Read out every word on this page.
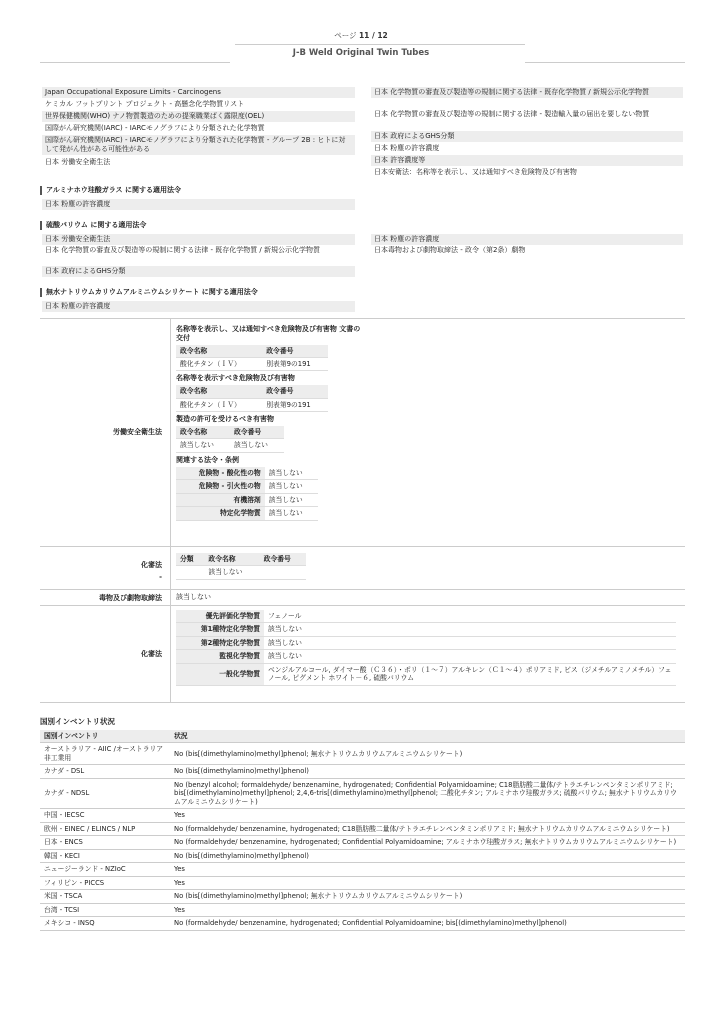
ページ 11 / 12
J-B Weld Original Twin Tubes
Japan Occupational Exposure Limits - Carcinogens
ケミカル フットプリント プロジェクト - 高懸念化学物質リスト
世界保健機関(WHO) ナノ物質製造のための提案職業ばく露限度(OEL)
国際がん研究機関(IARC) - IARCモノグラフにより分類された化学物質
国際がん研究機関(IARC) - IARCモノグラフにより分類された化学物質 - グループ 2B : ヒトに対して発がん性がある可能性がある
日本 労働安全衛生法
日本 化学物質の審査及び製造等の規制に関する法律 - 既存化学物質 / 新規公示化学物質
日本 化学物質の審査及び製造等の規制に関する法律 - 製造輸入量の届出を要しない物質
日本 政府によるGHS分類
日本 粉塵の許容濃度
日本 許容濃度等
日本安衛法：名称等を表示し、又は通知すべき危険物及び有害物
アルミナホウ珪酸ガラス に関する適用法令
日本 粉塵の許容濃度
硫酸バリウム に関する適用法令
日本 労働安全衛生法
日本 化学物質の審査及び製造等の規制に関する法律 - 既存化学物質 / 新規公示化学物質
日本 政府によるGHS分類
日本 粉塵の許容濃度
日本毒物および劇物取締法 - 政令（第2条）劇物
無水ナトリウムカリウムアルミニウムシリケート に関する適用法令
日本 粉塵の許容濃度
労働安全衛生法
名称等を表示し、又は通知すべき危険物及び有害物 文書の交付
政令名称	政令番号
酸化チタン（ＩＶ）	別表第9の191
名称等を表示すべき危険物及び有害物
政令名称	政令番号
酸化チタン（ＩＶ）	別表第9の191
製造の許可を受けるべき有害物
政令名称	政令番号
該当しない	該当しない
関連する法令・条例
危険物 - 酸化性の物	該当しない
危険物 - 引火性の物	該当しない
有機溶剤	該当しない
特定化学物質	該当しない
化審法
-
分類	政令名称	政令番号
	該当しない	
毒物及び劇物取締法	該当しない
化審法
優先評価化学物質	フェノール
第1種特定化学物質	該当しない
第2種特定化学物質	該当しない
監視化学物質	該当しない
一般化学物質	ベンジルアルコール, ダイマー酸（Ｃ３６）・ポリ（１～７）アルキレン（Ｃ１～４）ポリアミド, ビス（ジメチルアミノメチル）フェノール, ピグメント ホワイト－６, 硫酸バリウム
国別インベントリ状況
国別インベントリ	状況
オーストラリア - AIIC /オーストラリア非工業用	No (bis[(dimethylamino)methyl]phenol; 無水ナトリウムカリウムアルミニウムシリケート)
カナダ - DSL	No (bis[(dimethylamino)methyl]phenol)
カナダ - NDSL	No (benzyl alcohol; formaldehyde/ benzenamine, hydrogenated; Confidential Polyamidoamine; C18脂肪酸二量体/テトラエチレンペンタミンポリアミド; bis[(dimethylamino)methyl]phenol; 2,4,6-tris[(dimethylamino)methyl]phenol; 二酸化チタン; アルミナホウ珪酸ガラス; 硫酸バリウム; 無水ナトリウムカリウムアルミニウムシリケート)
中国 - IECSC	Yes
欧州 - EINEC / ELINCS / NLP	No (formaldehyde/ benzenamine, hydrogenated; C18脂肪酸二量体/テトラエチレンペンタミンポリアミド; 無水ナトリウムカリウムアルミニウムシリケート)
日本 - ENCS	No (formaldehyde/ benzenamine, hydrogenated; Confidential Polyamidoamine; アルミナホウ珪酸ガラス; 無水ナトリウムカリウムアルミニウムシリケート)
韓国 - KECI	No (bis[(dimethylamino)methyl]phenol)
ニュージーランド - NZIoC	Yes
フィリピン - PICCS	Yes
米国 - TSCA	No (bis[(dimethylamino)methyl]phenol; 無水ナトリウムカリウムアルミニウムシリケート)
台湾 - TCSI	Yes
メキシコ - INSQ	No (formaldehyde/ benzenamine, hydrogenated; Confidential Polyamidoamine; bis[(dimethylamino)methyl]phenol)
